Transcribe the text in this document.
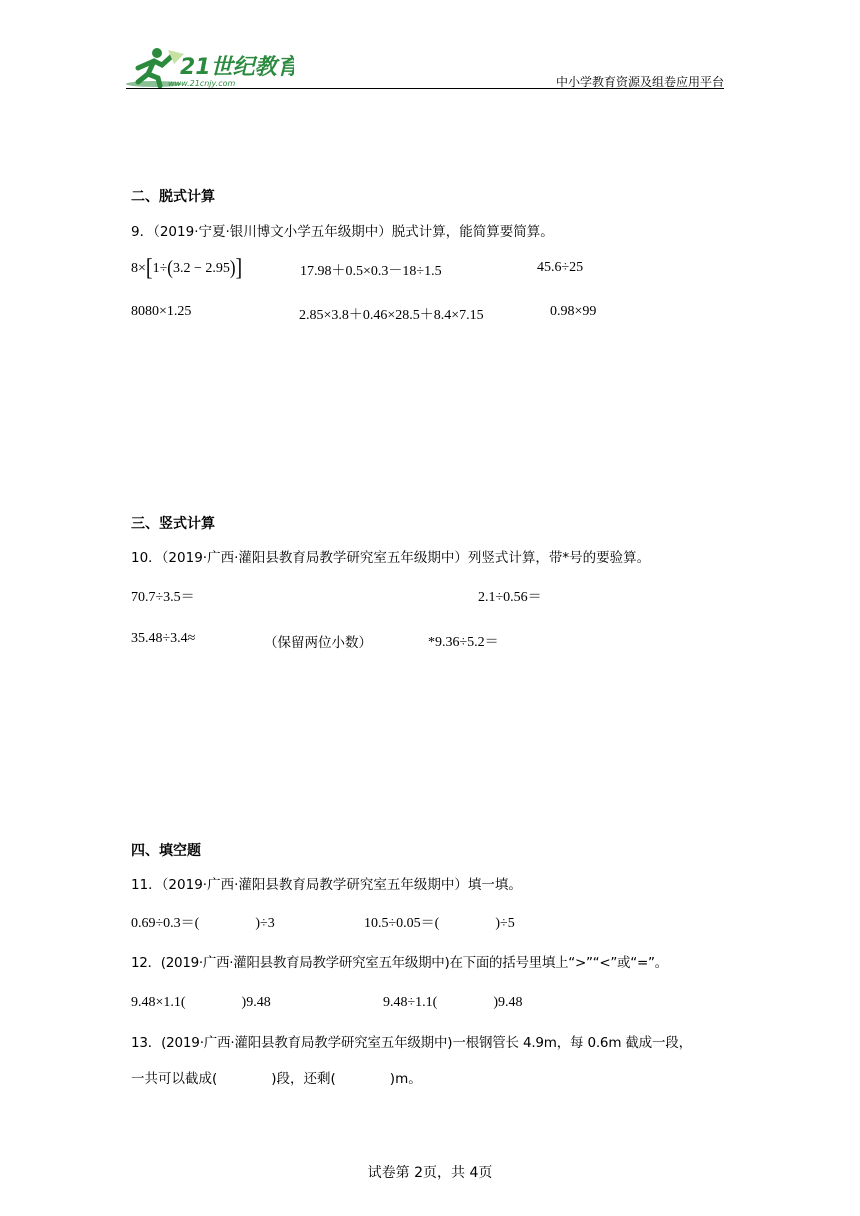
21世纪教育
www.21cnjy.com	中小学教育资源及组卷应用平台
二、脱式计算
9．（2019·宁夏·银川博文小学五年级期中）脱式计算，能简算要简算。
8×[1÷(3.2 − 2.95)]	17.98＋0.5×0.3－18÷1.5	45.6÷25
8080×1.25	2.85×3.8＋0.46×28.5＋8.4×7.15	0.98×99
三、竖式计算
10．（2019·广西·灌阳县教育局教学研究室五年级期中）列竖式计算，带*号的要验算。
70.7÷3.5＝	2.1÷0.56＝
35.48÷3.4≈	（保留两位小数）	*9.36÷5.2＝
四、填空题
11．（2019·广西·灌阳县教育局教学研究室五年级期中）填一填。
0.69÷0.3＝(　　　　)÷3	10.5÷0.05＝(　　　　)÷5
12．(2019·广西·灌阳县教育局教学研究室五年级期中)在下面的括号里填上“>”“<”或“=”。
9.48×1.1(　　　　)9.48	9.48÷1.1(　　　　)9.48
13．(2019·广西·灌阳县教育局教学研究室五年级期中)一根钢管长 4.9m，每 0.6m 截成一段，
一共可以截成(　　　　)段，还剩(　　　　)m。
试卷第 2页，共 4页
